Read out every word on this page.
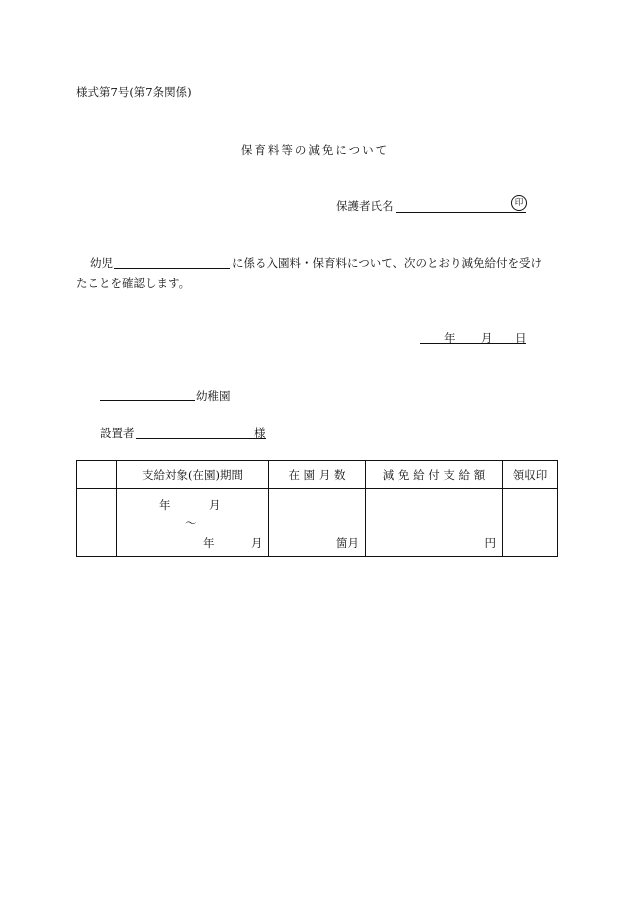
様式第7号(第7条関係)
保育料等の減免について
保護者氏名	印
幼児	に係る入園料・保育料について、次のとおり減免給付を受け
たことを確認します。
年 月 日
幼稚園
設置者	様
	支給対象(在園)期間	在 園 月 数	減 免 給 付 支 給 額	領収印

	年 月
〜
年 月	箇月	円	
